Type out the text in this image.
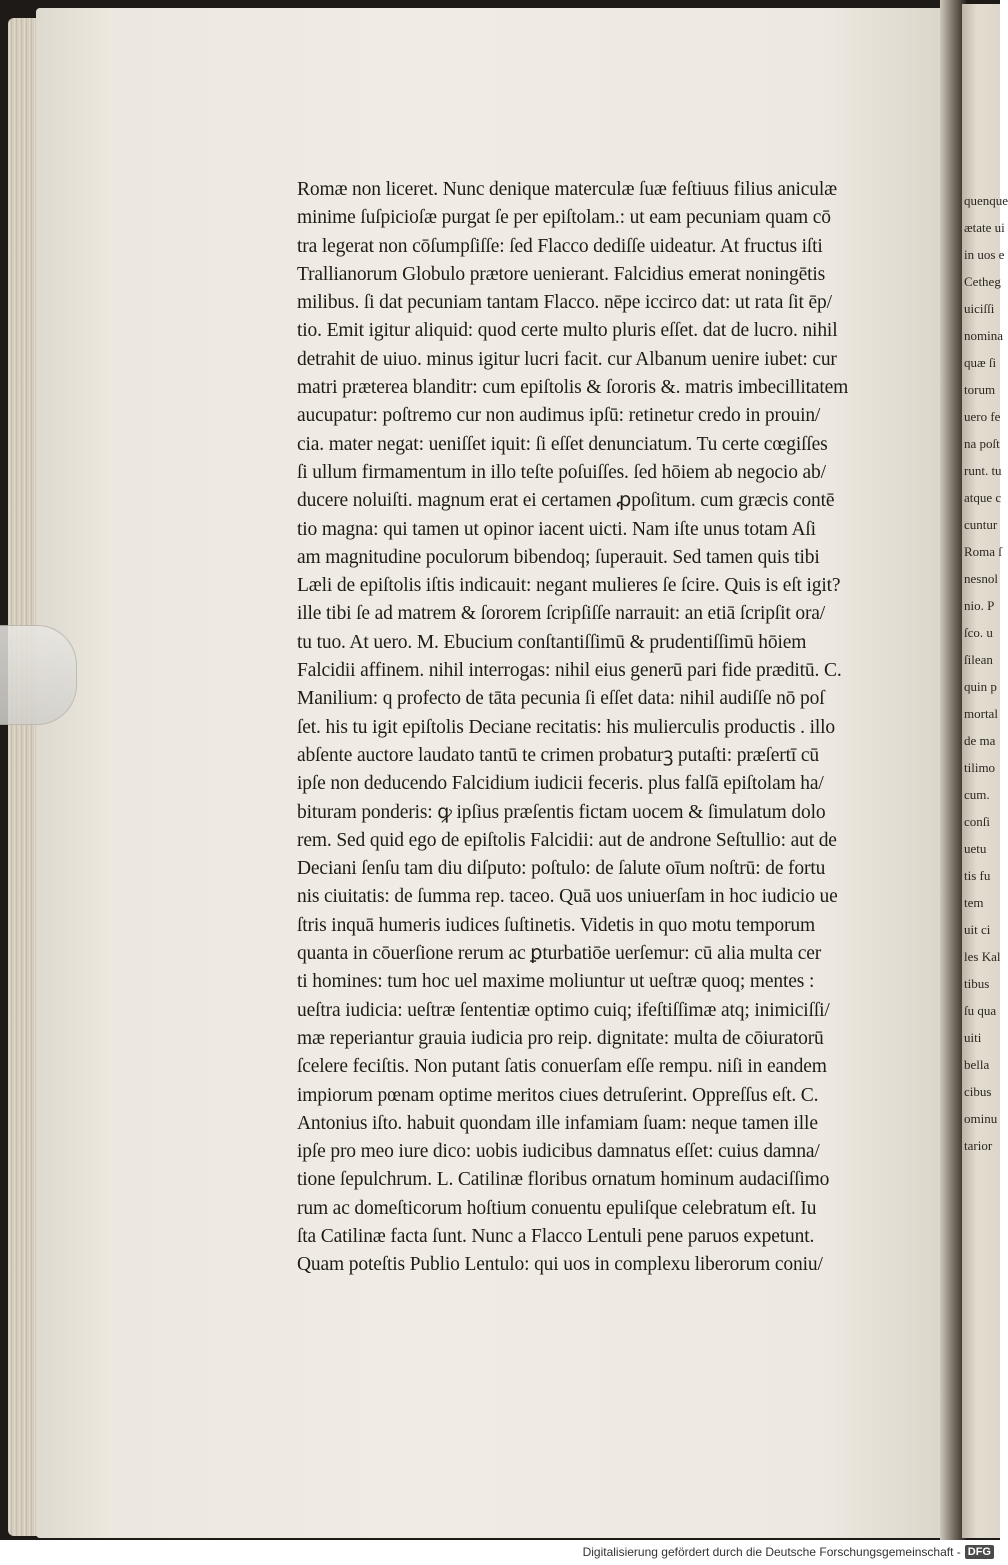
quenque
ætate ui
in uos e
Cetheg
uiciſſi
nomina
quæ ſi
torum
uero fe
na poſt
runt. tu
atque c
cuntur
Roma ſ
nesnol
nio. P
ſco. u
ſilean
quin p
mortal
de ma
tilimo
cum.
conſi
uetu
tis fu
tem
uit ci
les Kal
tibus
ſu qua
uiti
bella
cibus
ominu
tarior
Romæ non liceret. Nunc denique materculæ ſuæ feſtiuus filius aniculæ
minime ſuſpicioſæ purgat ſe per epiſtolam.: ut eam pecuniam quam cō
tra legerat non cōſumpſiſſe: ſed Flacco dediſſe uideatur. At fructus iſti
Trallianorum Globulo prætore uenierant. Falcidius emerat noningētis
milibus. ſi dat pecuniam tantam Flacco. nēpe iccirco dat: ut rata ſit ēp/
tio. Emit igitur aliquid: quod certe multo pluris eſſet. dat de lucro. nihil
detrahit de uiuo. minus igitur lucri facit. cur Albanum uenire iubet: cur
matri præterea blanditr: cum epiſtolis & ſororis &. matris imbecillitatem
aucupatur: poſtremo cur non audimus ipſū: retinetur credo in prouin/
cia. mater negat: ueniſſet iquit: ſi eſſet denunciatum. Tu certe cœgiſſes
ſi ullum firmamentum in illo teſte poſuiſſes. ſed hōiem ab negocio ab/
ducere noluiſti. magnum erat ei certamen ꝓpoſitum. cum græcis contē
tio magna: qui tamen ut opinor iacent uicti. Nam iſte unus totam Aſi
am magnitudine poculorum bibendoq; ſuperauit. Sed tamen quis tibi
Læli de epiſtolis iſtis indicauit: negant mulieres ſe ſcire. Quis is eſt igit?
ille tibi ſe ad matrem & ſororem ſcripſiſſe narrauit: an etiā ſcripſit ora/
tu tuo. At uero. M. Ebucium conſtantiſſimū & prudentiſſimū hōiem
Falcidii affinem. nihil interrogas: nihil eius generū pari fide præditū. C.
Manilium: q profecto de tāta pecunia ſi eſſet data: nihil audiſſe nō poſ
ſet. his tu igit epiſtolis Deciane recitatis: his mulierculis productis . illo
abſente auctore laudato tantū te crimen probaturꝫ putaſti: præſertī cū
ipſe non deducendo Falcidium iudicii feceris. plus falſā epiſtolam ha/
bituram ponderis: ꝙ ipſius præſentis fictam uocem & ſimulatum dolo
rem. Sed quid ego de epiſtolis Falcidii: aut de androne Seſtullio: aut de
Deciani ſenſu tam diu diſputo: poſtulo: de ſalute oīum noſtrū: de fortu
nis ciuitatis: de ſumma rep. taceo. Quā uos uniuerſam in hoc iudicio ue
ſtris inquā humeris iudices ſuſtinetis. Videtis in quo motu temporum
quanta in cōuerſione rerum ac ꝑturbatiōe uerſemur: cū alia multa cer
ti homines: tum hoc uel maxime moliuntur ut ueſtræ quoq; mentes :
ueſtra iudicia: ueſtræ ſententiæ optimo cuiq; ifeſtiſſimæ atq; inimiciſſi/
mæ reperiantur grauia iudicia pro reip. dignitate: multa de cōiuratorū
ſcelere feciſtis. Non putant ſatis conuerſam eſſe rempu. niſi in eandem
impiorum pœnam optime meritos ciues detruſerint. Oppreſſus eſt. C.
Antonius iſto. habuit quondam ille infamiam ſuam: neque tamen ille
ipſe pro meo iure dico: uobis iudicibus damnatus eſſet: cuius damna/
tione ſepulchrum. L. Catilinæ floribus ornatum hominum audaciſſimo
rum ac domeſticorum hoſtium conuentu epuliſque celebratum eſt. Iu
ſta Catilinæ facta ſunt. Nunc a Flacco Lentuli pene paruos expetunt.
Quam poteſtis Publio Lentulo: qui uos in complexu liberorum coniu/
Digitalisierung gefördert durch die Deutsche Forschungsgemeinschaft - DFG
